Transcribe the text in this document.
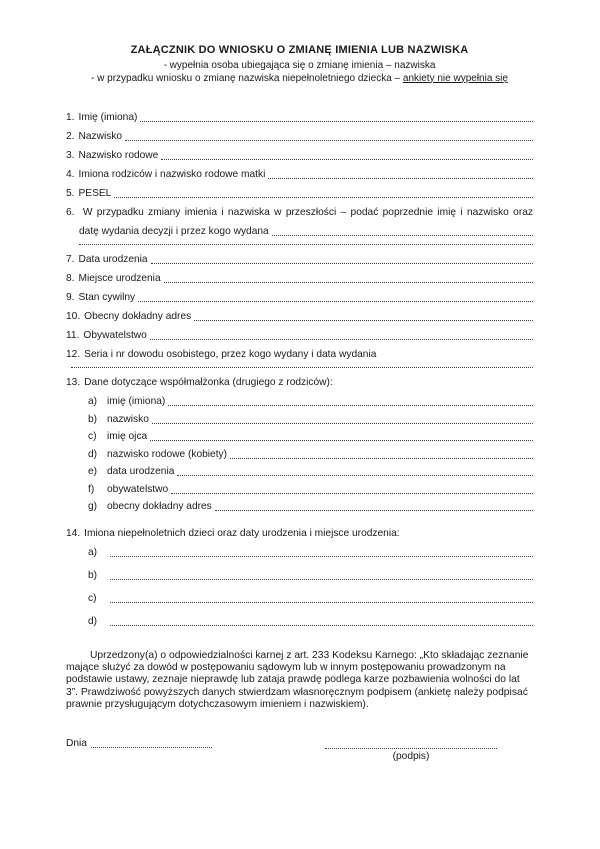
ZAŁĄCZNIK DO WNIOSKU O ZMIANĘ IMIENIA LUB NAZWISKA
- wypełnia osoba ubiegająca się o zmianę imienia – nazwiska
- w przypadku wniosku o zmianę nazwiska niepełnoletniego dziecka – ankiety nie wypełnia się
1. Imię (imiona)
2. Nazwisko
3. Nazwisko rodowe
4. Imiona rodziców i nazwisko rodowe matki
5. PESEL
6. W przypadku zmiany imienia i nazwiska w przeszłości – podać poprzednie imię i nazwisko oraz
datę wydania decyzji i przez kogo wydana
7. Data urodzenia
8. Miejsce urodzenia
9. Stan cywilny
10. Obecny dokładny adres
11. Obywatelstwo
12. Seria i nr dowodu osobistego, przez kogo wydany i data wydania
13. Dane dotyczące współmałżonka (drugiego z rodziców):
a) imię (imiona)
b) nazwisko
c)	imię ojca
d) nazwisko rodowe (kobiety)
e) data urodzenia
f)	obywatelstwo
g) obecny dokładny adres
14. Imiona niepełnoletnich dzieci oraz daty urodzenia i miejsce urodzenia:
a)
b)
c)
d)

Uprzedzony(a) o odpowiedzialności karnej z art. 233 Kodeksu Karnego: „Kto składając zeznanie mające służyć za dowód w postępowaniu sądowym lub w innym postępowaniu prowadzonym na podstawie ustawy, zeznaje nieprawdę lub zataja prawdę podlega karze pozbawienia wolności do lat 3”. Prawdziwość powyższych danych stwierdzam własnoręcznym podpisem (ankietę należy podpisać prawnie przysługującym dotychczasowym imieniem i nazwiskiem).

Dnia
(podpis)
